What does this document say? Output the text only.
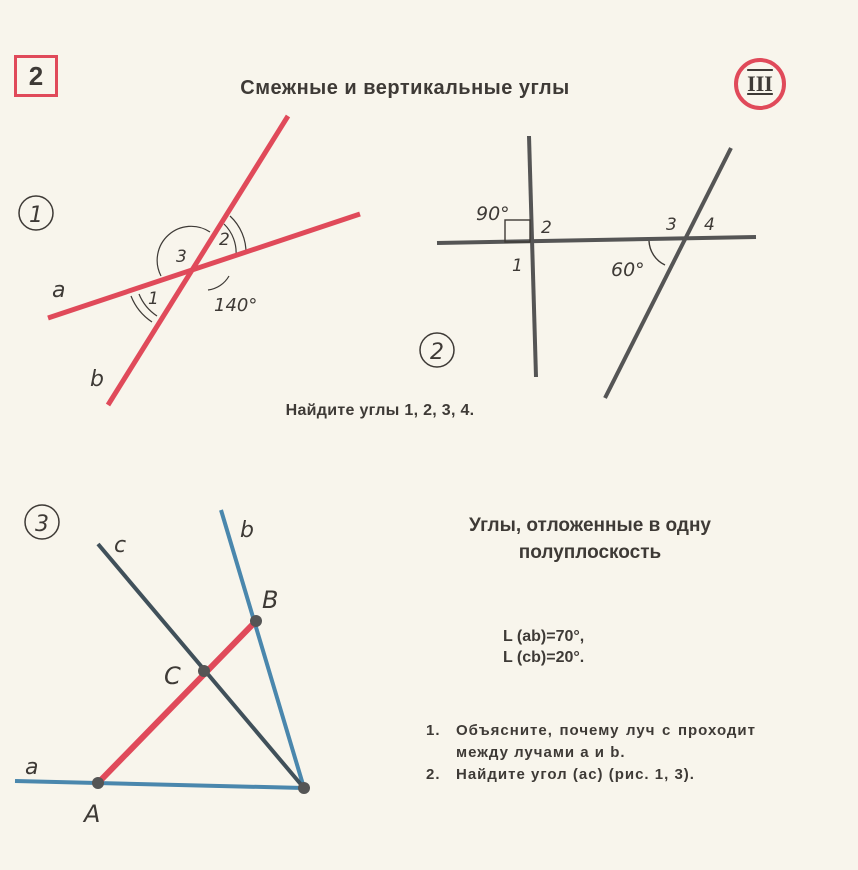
2	Смежные и вертикальные углы	III
1
a
b
1
2
3
140°
90°
1
2	3 4
60°
2
3
a
b
c
A
B
C
Найдите углы 1, 2, 3, 4.
Углы, отложенные в одну
полуплоскость
L (ab)=70°,
L (cb)=20°.
1.	Объясните, почему луч с проходит между лучами a и b.
2.	Найдите угол (ac) (рис. 1, 3).
